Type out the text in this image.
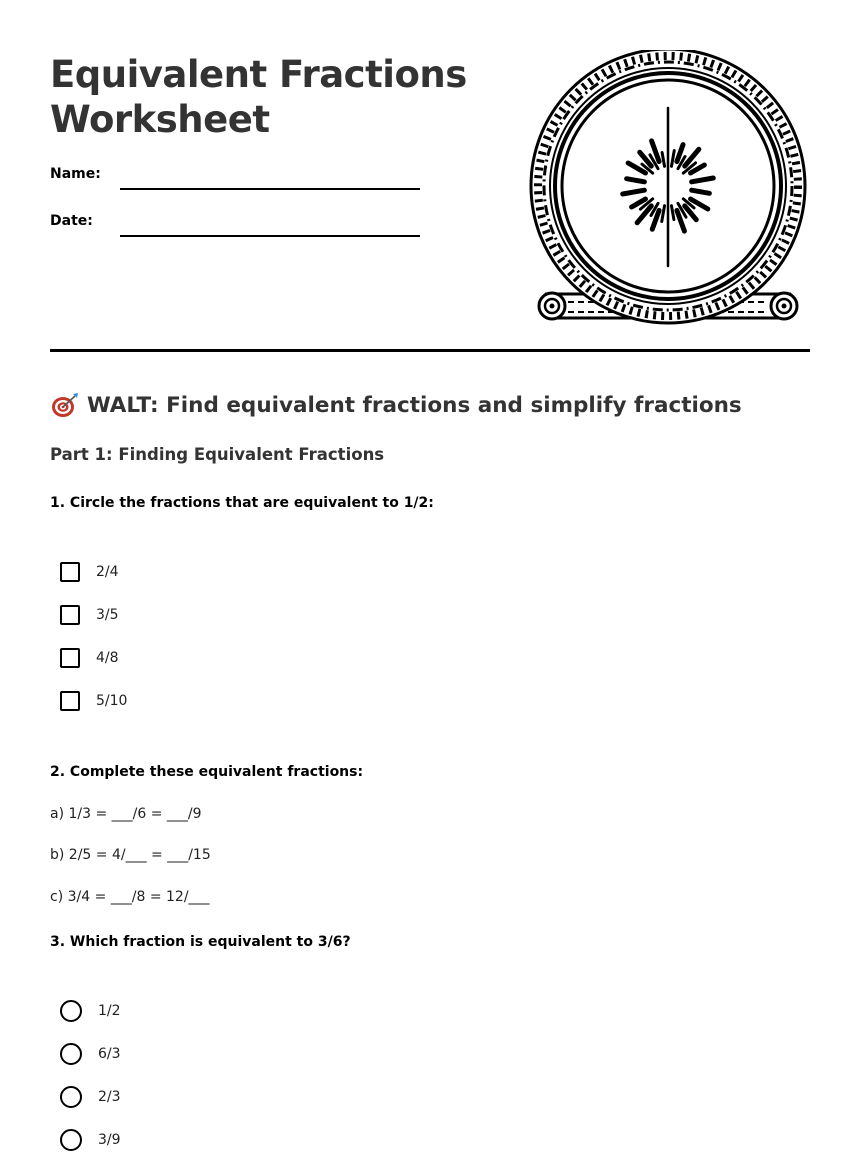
Equivalent Fractions
Worksheet
Name:
Date:
WALT: Find equivalent fractions and simplify fractions
Part 1: Finding Equivalent Fractions
1. Circle the fractions that are equivalent to 1/2:
2/4
3/5
4/8
5/10
2. Complete these equivalent fractions:
a) 1/3 = ___/6 = ___/9
b) 2/5 = 4/___ = ___/15
c) 3/4 = ___/8 = 12/___
3. Which fraction is equivalent to 3/6?
1/2
6/3
2/3
3/9
